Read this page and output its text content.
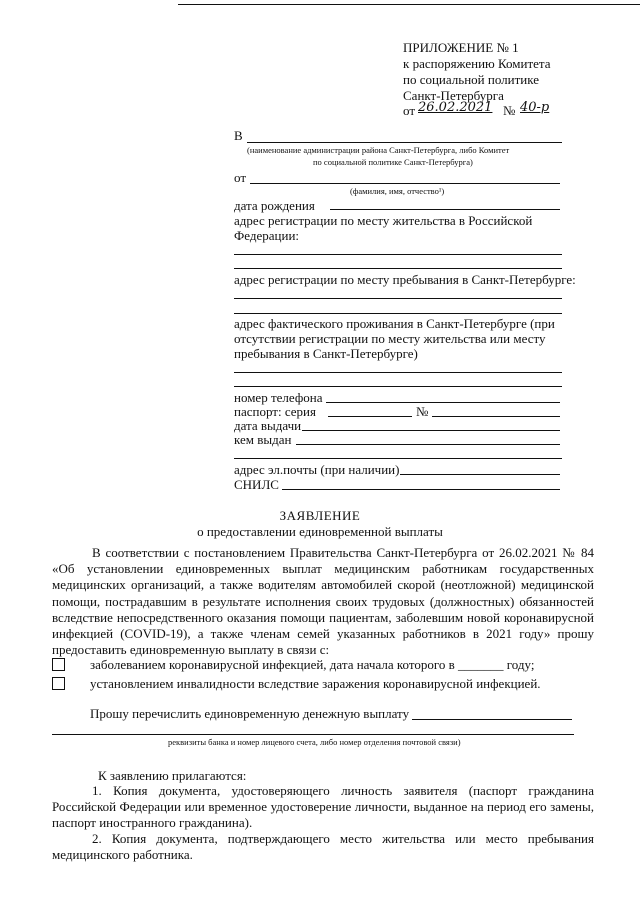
ПРИЛОЖЕНИЕ № 1
к распоряжению Комитета
по социальной политике
Санкт-Петербурга
от 26.02.2021 № 40-р
В
(наименование администрации района Санкт-Петербурга, либо Комитет
по социальной политике Санкт-Петербурга)
от
(фамилия, имя, отчество¹)
дата рождения
адрес регистрации по месту жительства в Российской
Федерации:
адрес регистрации по месту пребывания в Санкт-Петербурге:
адрес фактического проживания в Санкт-Петербурге (при
отсутствии регистрации по месту жительства или месту
пребывания в Санкт-Петербурге)
номер телефона
паспорт: серия	№
дата выдачи
кем выдан
адрес эл.почты (при наличии)
СНИЛС
ЗАЯВЛЕНИЕ
о предоставлении единовременной выплаты
В соответствии с постановлением Правительства Санкт-Петербурга от 26.02.2021 № 84 «Об установлении единовременных выплат медицинским работникам государственных медицинских организаций, а также водителям автомобилей скорой (неотложной) медицинской помощи, пострадавшим в результате исполнения своих трудовых (должностных) обязанностей вследствие непосредственного оказания помощи пациентам, заболевшим новой коронавирусной инфекцией (COVID-19), а также членам семей указанных работников в 2021 году» прошу предоставить единовременную выплату в связи с:
заболеванием коронавирусной инфекцией, дата начала которого в _______ году;
установлением инвалидности вследствие заражения коронавирусной инфекцией.
Прошу перечислить единовременную денежную выплату
реквизиты банка и номер лицевого счета, либо номер отделения почтовой связи)
К заявлению прилагаются:
1. Копия документа, удостоверяющего личность заявителя (паспорт гражданина Российской Федерации или временное удостоверение личности, выданное на период его замены, паспорт иностранного гражданина).
2. Копия документа, подтверждающего место жительства или место пребывания медицинского работника.
